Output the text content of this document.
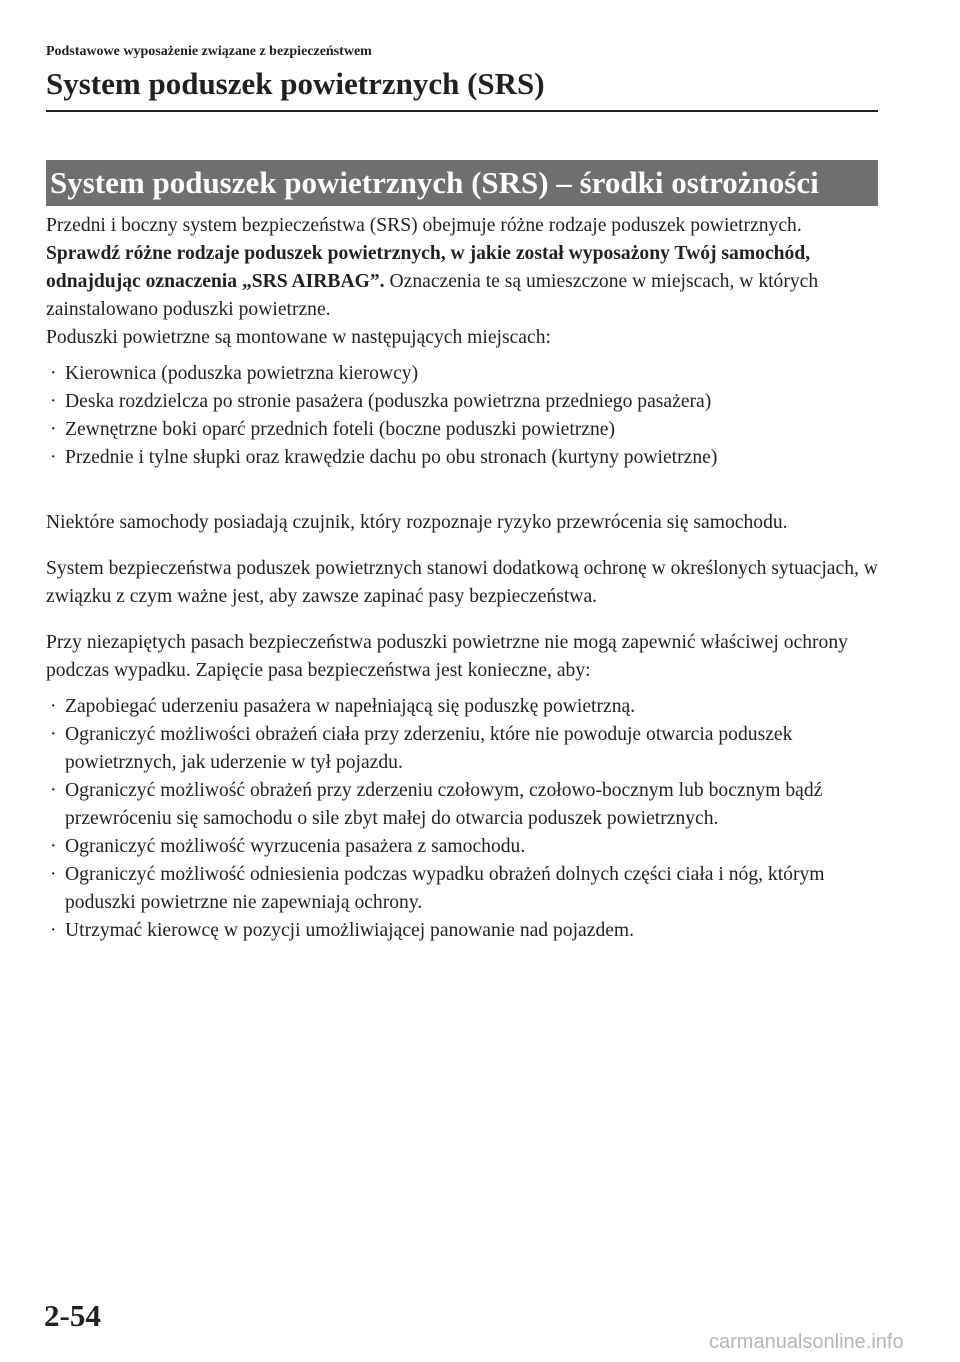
Podstawowe wyposażenie związane z bezpieczeństwem
System poduszek powietrznych (SRS)
System poduszek powietrznych (SRS) – środki ostrożności

Przedni i boczny system bezpieczeństwa (SRS) obejmuje różne rodzaje poduszek powietrznych. Sprawdź różne rodzaje poduszek powietrznych, w jakie został wyposażony Twój samochód, odnajdując oznaczenia „SRS AIRBAG”. Oznaczenia te są umieszczone w miejscach, w których zainstalowano poduszki powietrzne.

Poduszki powietrzne są montowane w następujących miejscach:

· Kierownica (poduszka powietrzna kierowcy)
· Deska rozdzielcza po stronie pasażera (poduszka powietrzna przedniego pasażera)
· Zewnętrzne boki oparć przednich foteli (boczne poduszki powietrzne)
· Przednie i tylne słupki oraz krawędzie dachu po obu stronach (kurtyny powietrzne)

Niektóre samochody posiadają czujnik, który rozpoznaje ryzyko przewrócenia się samochodu.

System bezpieczeństwa poduszek powietrznych stanowi dodatkową ochronę w określonych sytuacjach, w związku z czym ważne jest, aby zawsze zapinać pasy bezpieczeństwa.

Przy niezapiętych pasach bezpieczeństwa poduszki powietrzne nie mogą zapewnić właściwej ochrony podczas wypadku. Zapięcie pasa bezpieczeństwa jest konieczne, aby:

· Zapobiegać uderzeniu pasażera w napełniającą się poduszkę powietrzną.
· Ograniczyć możliwości obrażeń ciała przy zderzeniu, które nie powoduje otwarcia poduszek powietrznych, jak uderzenie w tył pojazdu.
· Ograniczyć możliwość obrażeń przy zderzeniu czołowym, czołowo-bocznym lub bocznym bądź przewróceniu się samochodu o sile zbyt małej do otwarcia poduszek powietrznych.
· Ograniczyć możliwość wyrzucenia pasażera z samochodu.
· Ograniczyć możliwość odniesienia podczas wypadku obrażeń dolnych części ciała i nóg, którym poduszki powietrzne nie zapewniają ochrony.
· Utrzymać kierowcę w pozycji umożliwiającej panowanie nad pojazdem.
2-54
carmanualsonline.info
